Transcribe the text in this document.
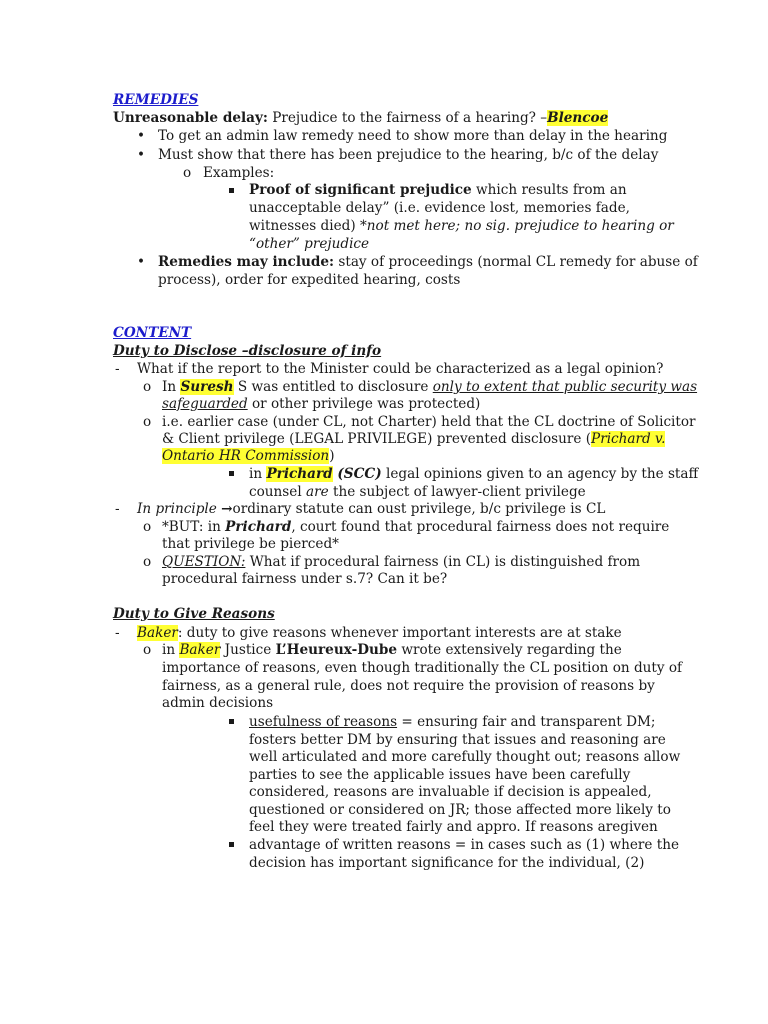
REMEDIES
Unreasonable delay: Prejudice to the fairness of a hearing? –Blencoe
• To get an admin law remedy need to show more than delay in the hearing
• Must show that there has been prejudice to the hearing, b/c of the delay
o Examples:
Proof of significant prejudice which results from an
unacceptable delay” (i.e. evidence lost, memories fade,
witnesses died) *not met here; no sig. prejudice to hearing or
“other” prejudice
• Remedies may include: stay of proceedings (normal CL remedy for abuse of
process), order for expedited hearing, costs
CONTENT
Duty to Disclose –disclosure of info
- What if the report to the Minister could be characterized as a legal opinion?
o In Suresh S was entitled to disclosure only to extent that public security was
safeguarded or other privilege was protected)
o i.e. earlier case (under CL, not Charter) held that the CL doctrine of Solicitor
& Client privilege (LEGAL PRIVILEGE) prevented disclosure (Prichard v.
Ontario HR Commission)
in Prichard (SCC) legal opinions given to an agency by the staff
counsel are the subject of lawyer-client privilege
- In principle →ordinary statute can oust privilege, b/c privilege is CL
o *BUT: in Prichard, court found that procedural fairness does not require
that privilege be pierced*
o QUESTION: What if procedural fairness (in CL) is distinguished from
procedural fairness under s.7? Can it be?
Duty to Give Reasons
- Baker: duty to give reasons whenever important interests are at stake
o in Baker Justice L’Heureux-Dube wrote extensively regarding the
importance of reasons, even though traditionally the CL position on duty of
fairness, as a general rule, does not require the provision of reasons by
admin decisions
usefulness of reasons = ensuring fair and transparent DM;
fosters better DM by ensuring that issues and reasoning are
well articulated and more carefully thought out; reasons allow
parties to see the applicable issues have been carefully
considered, reasons are invaluable if decision is appealed,
questioned or considered on JR; those affected more likely to
feel they were treated fairly and appro. If reasons aregiven
advantage of written reasons = in cases such as (1) where the
decision has important significance for the individual, (2)
